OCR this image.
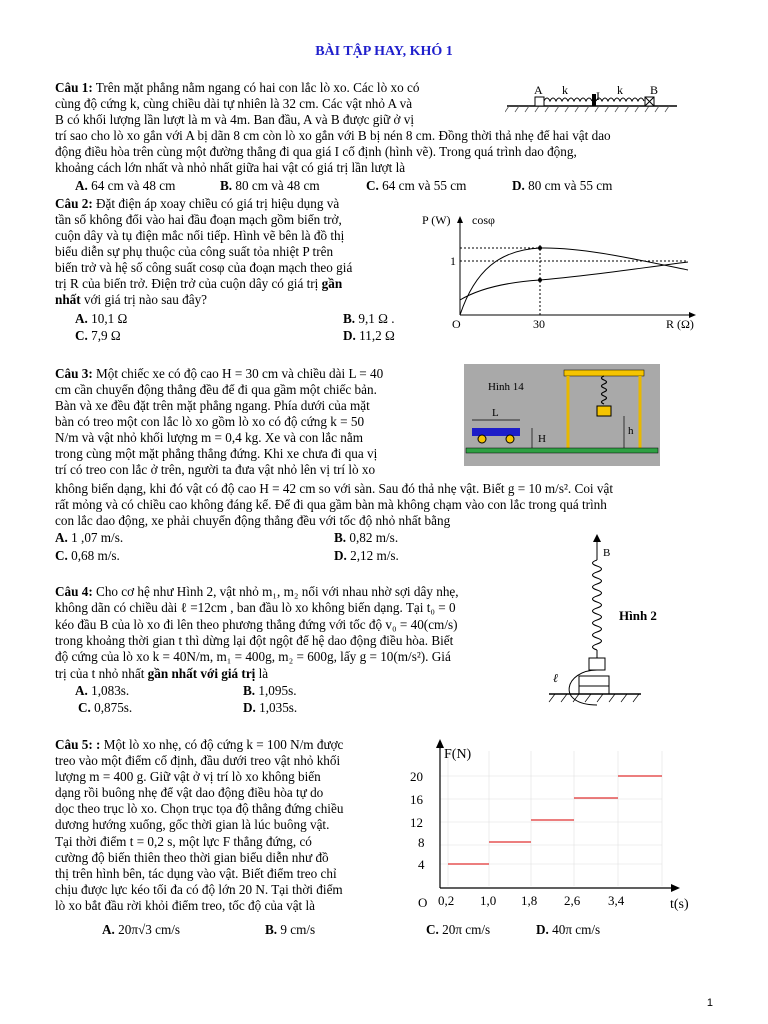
BÀI TẬP HAY, KHÓ 1
Câu 1: Trên mặt phẳng nằm ngang có hai con lắc lò xo. Các lò xo có
cùng độ cứng k, cùng chiều dài tự nhiên là 32 cm. Các vật nhỏ A và
B có khối lượng lần lượt là m và 4m. Ban đầu, A và B được giữ ở vị
trí sao cho lò xo gắn với A bị dãn 8 cm còn lò xo gắn với B bị nén 8 cm. Đồng thời thả nhẹ để hai vật dao
động điều hòa trên cùng một đường thẳng đi qua giá I cố định (hình vẽ). Trong quá trình dao động,
khoảng cách lớn nhất và nhỏ nhất giữa hai vật có giá trị lần lượt là
A. 64 cm và 48 cm	B. 80 cm và 48 cm	C. 64 cm và 55 cm	D. 80 cm và 55 cm
A k I k B
Câu 2: Đặt điện áp xoay chiều có giá trị hiệu dụng và
tần số không đổi vào hai đầu đoạn mạch gồm biến trở,
cuộn dây và tụ điện mắc nối tiếp. Hình vẽ bên là đồ thị
biểu diễn sự phụ thuộc của công suất tỏa nhiệt P trên
biến trở và hệ số công suất cosφ của đoạn mạch theo giá
trị R của biến trở. Điện trở của cuộn dây có giá trị gần
nhất với giá trị nào sau đây?
A. 10,1 Ω	B. 9,1 Ω .
C. 7,9 Ω	D. 11,2 Ω
P (W) cosφ
1
O	30	R (Ω)
Câu 3: Một chiếc xe có độ cao H = 30 cm và chiều dài L = 40
cm cần chuyển động thẳng đều để đi qua gầm một chiếc bản.
Bàn và xe đều đặt trên mặt phẳng ngang. Phía dưới của mặt
bàn có treo một con lắc lò xo gồm lò xo có độ cứng k = 50
N/m và vật nhỏ khối lượng m = 0,4 kg. Xe và con lắc nằm
trong cùng một mặt phẳng thẳng đứng. Khi xe chưa đi qua vị
trí có treo con lắc ở trên, người ta đưa vật nhỏ lên vị trí lò xo
không biến dạng, khi đó vật có độ cao H = 42 cm so với sàn. Sau đó thả nhẹ vật. Biết g = 10 m/s². Coi vật
rất mỏng và có chiều cao không đáng kể. Để đi qua gầm bàn mà không chạm vào con lắc trong quá trình
con lắc dao động, xe phải chuyển động thẳng đều với tốc độ nhỏ nhất bằng
A. 1 ,07 m/s.	B. 0,82 m/s.
C. 0,68 m/s.	D. 2,12 m/s.
Hình 14
L
H
h
Câu 4: Cho cơ hệ như Hình 2, vật nhỏ m₁, m₂ nối với nhau nhờ sợi dây nhẹ,
không dãn có chiều dài ℓ =12cm , ban đầu lò xo không biến dạng. Tại t₀ = 0
kéo đầu B của lò xo đi lên theo phương thẳng đứng với tốc độ v₀ = 40(cm/s)
trong khoảng thời gian t thì dừng lại đột ngột để hệ dao động điều hòa. Biết
độ cứng của lò xo k = 40N/m, m₁ = 400g, m₂ = 600g, lấy g = 10(m/s²). Giá
trị của t nhỏ nhất gần nhất với giá trị là
A. 1,083s.	B. 1,095s.
C. 0,875s.	D. 1,035s.
Hình 2
B
ℓ
Câu 5: : Một lò xo nhẹ, có độ cứng k = 100 N/m được
treo vào một điểm cố định, đầu dưới treo vật nhỏ khối
lượng m = 400 g. Giữ vật ở vị trí lò xo không biến
dạng rồi buông nhẹ để vật dao động điều hòa tự do
dọc theo trục lò xo. Chọn trục tọa độ thẳng đứng chiều
dương hướng xuống, gốc thời gian là lúc buông vật.
Tại thời điểm t = 0,2 s, một lực F thẳng đứng, có
cường độ biến thiên theo thời gian biểu diễn như đồ
thị trên hình bên, tác dụng vào vật. Biết điểm treo chỉ
chịu được lực kéo tối đa có độ lớn 20 N. Tại thời điểm
lò xo bắt đầu rời khỏi điểm treo, tốc độ của vật là
A. 20π√3 cm/s	B. 9 cm/s	C. 20π cm/s	D. 40π cm/s
F(N)
20
16
12
8
4
O 0,2 1,0 1,8 2,6 3,4	t(s)
1
